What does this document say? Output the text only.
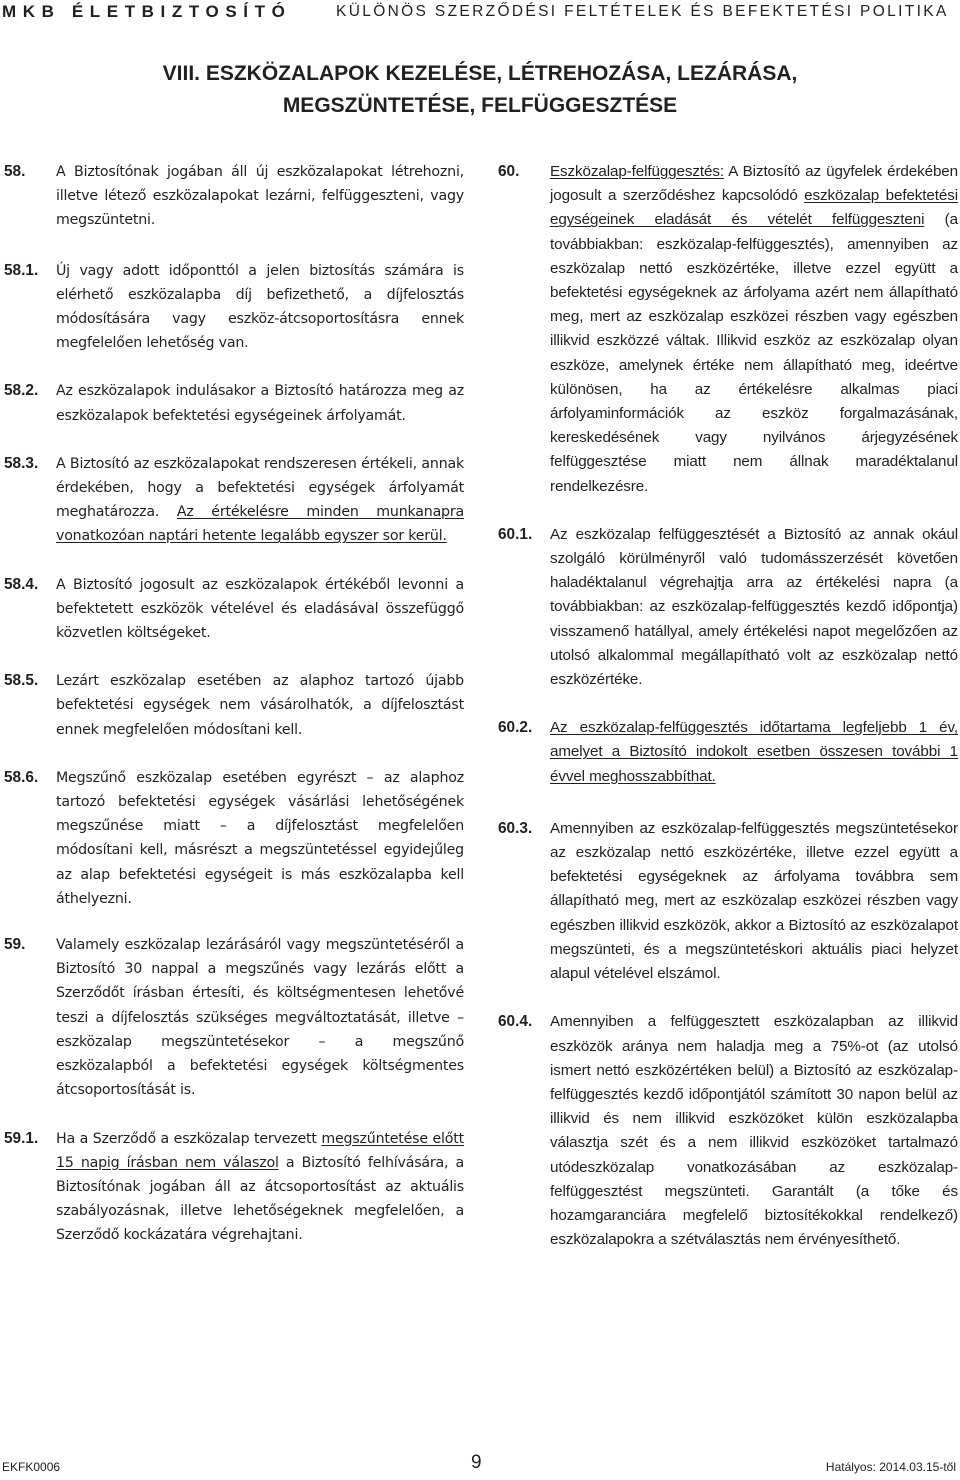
MKB ÉLETBIZTOSÍTÓ	KÜLÖNÖS SZERZŐDÉSI FELTÉTELEK ÉS BEFEKTETÉSI POLITIKA
VIII. ESZKÖZALAPOK KEZELÉSE, LÉTREHOZÁSA, LEZÁRÁSA,
MEGSZÜNTETÉSE, FELFÜGGESZTÉSE
58.	A Biztosítónak jogában áll új eszközalapokat létrehozni, illetve létező eszközalapokat lezárni, felfüggeszteni, vagy megszüntetni.
58.1.	Új vagy adott időponttól a jelen biztosítás számára is elérhető eszközalapba díj befizethető, a díjfelosztás módosítására vagy eszköz-átcsoportosításra ennek megfelelően lehetőség van.
58.2.	Az eszközalapok indulásakor a Biztosító határozza meg az eszközalapok befektetési egységeinek árfolyamát.
58.3.	A Biztosító az eszközalapokat rendszeresen értékeli, annak érdekében, hogy a befektetési egységek árfolyamát meghatározza. Az értékelésre minden munkanapra vonatkozóan naptári hetente legalább egyszer sor kerül.
58.4.	A Biztosító jogosult az eszközalapok értékéből levonni a befektetett eszközök vételével és eladásával összefüggő közvetlen költségeket.
58.5.	Lezárt eszközalap esetében az alaphoz tartozó újabb befektetési egységek nem vásárolhatók, a díjfelosztást ennek megfelelően módosítani kell.
58.6.	Megszűnő eszközalap esetében egyrészt – az alaphoz tartozó befektetési egységek vásárlási lehetőségének megszűnése miatt – a díjfelosztást megfelelően módosítani kell, másrészt a megszüntetéssel egyidejűleg az alap befektetési egységeit is más eszközalapba kell áthelyezni.
59.	Valamely eszközalap lezárásáról vagy megszüntetéséről a Biztosító 30 nappal a megszűnés vagy lezárás előtt a Szerződőt írásban értesíti, és költségmentesen lehetővé teszi a díjfelosztás szükséges megváltoztatását, illetve – eszközalap megszüntetésekor – a megszűnő eszközalapból a befektetési egységek költségmentes átcsoportosítását is.
59.1.	Ha a Szerződő a eszközalap tervezett megszűntetése előtt 15 napig írásban nem válaszol a Biztosító felhívására, a Biztosítónak jogában áll az átcsoportosítást az aktuális szabályozásnak, illetve lehetőségeknek megfelelően, a Szerződő kockázatára végrehajtani.
60.	Eszközalap-felfüggesztés: A Biztosító az ügyfelek érdekében jogosult a szerződéshez kapcsolódó eszközalap befektetési egységeinek eladását és vételét felfüggeszteni (a továbbiakban: eszközalap-felfüggesztés), amennyiben az eszközalap nettó eszközértéke, illetve ezzel együtt a befektetési egységeknek az árfolyama azért nem állapítható meg, mert az eszközalap eszközei részben vagy egészben illikvid eszközzé váltak. Illikvid eszköz az eszközalap olyan eszköze, amelynek értéke nem állapítható meg, ideértve különösen, ha az értékelésre alkalmas piaci árfolyaminformációk az eszköz forgalmazásának, kereskedésének vagy nyilvános árjegyzésének felfüggesztése miatt nem állnak maradéktalanul rendelkezésre.
60.1.	Az eszközalap felfüggesztését a Biztosító az annak okául szolgáló körülményről való tudomásszerzését követően haladéktalanul végrehajtja arra az értékelési napra (a továbbiakban: az eszközalap-felfüggesztés kezdő időpontja) visszamenő hatállyal, amely értékelési napot megelőzően az utolsó alkalommal megállapítható volt az eszközalap nettó eszközértéke.
60.2.	Az eszközalap-felfüggesztés időtartama legfeljebb 1 év, amelyet a Biztosító indokolt esetben összesen további 1 évvel meghosszabbíthat.
60.3.	Amennyiben az eszközalap-felfüggesztés megszüntetésekor az eszközalap nettó eszközértéke, illetve ezzel együtt a befektetési egységeknek az árfolyama továbbra sem állapítható meg, mert az eszközalap eszközei részben vagy egészben illikvid eszközök, akkor a Biztosító az eszközalapot megszünteti, és a megszüntetéskori aktuális piaci helyzet alapul vételével elszámol.
60.4.	Amennyiben a felfüggesztett eszközalapban az illikvid eszközök aránya nem haladja meg a 75%-ot (az utolsó ismert nettó eszközértéken belül) a Biztosító az eszközalap-felfüggesztés kezdő időpontjától számított 30 napon belül az illikvid és nem illikvid eszközöket külön eszközalapba választja szét és a nem illikvid eszközöket tartalmazó utódeszközalap vonatkozásában az eszközalap-felfüggesztést megszünteti. Garantált (a tőke és hozamgaranciára megfelelő biztosítékokkal rendelkező) eszközalapokra a szétválasztás nem érvényesíthető.
EKFK0006	9	Hatályos: 2014.03.15-től
